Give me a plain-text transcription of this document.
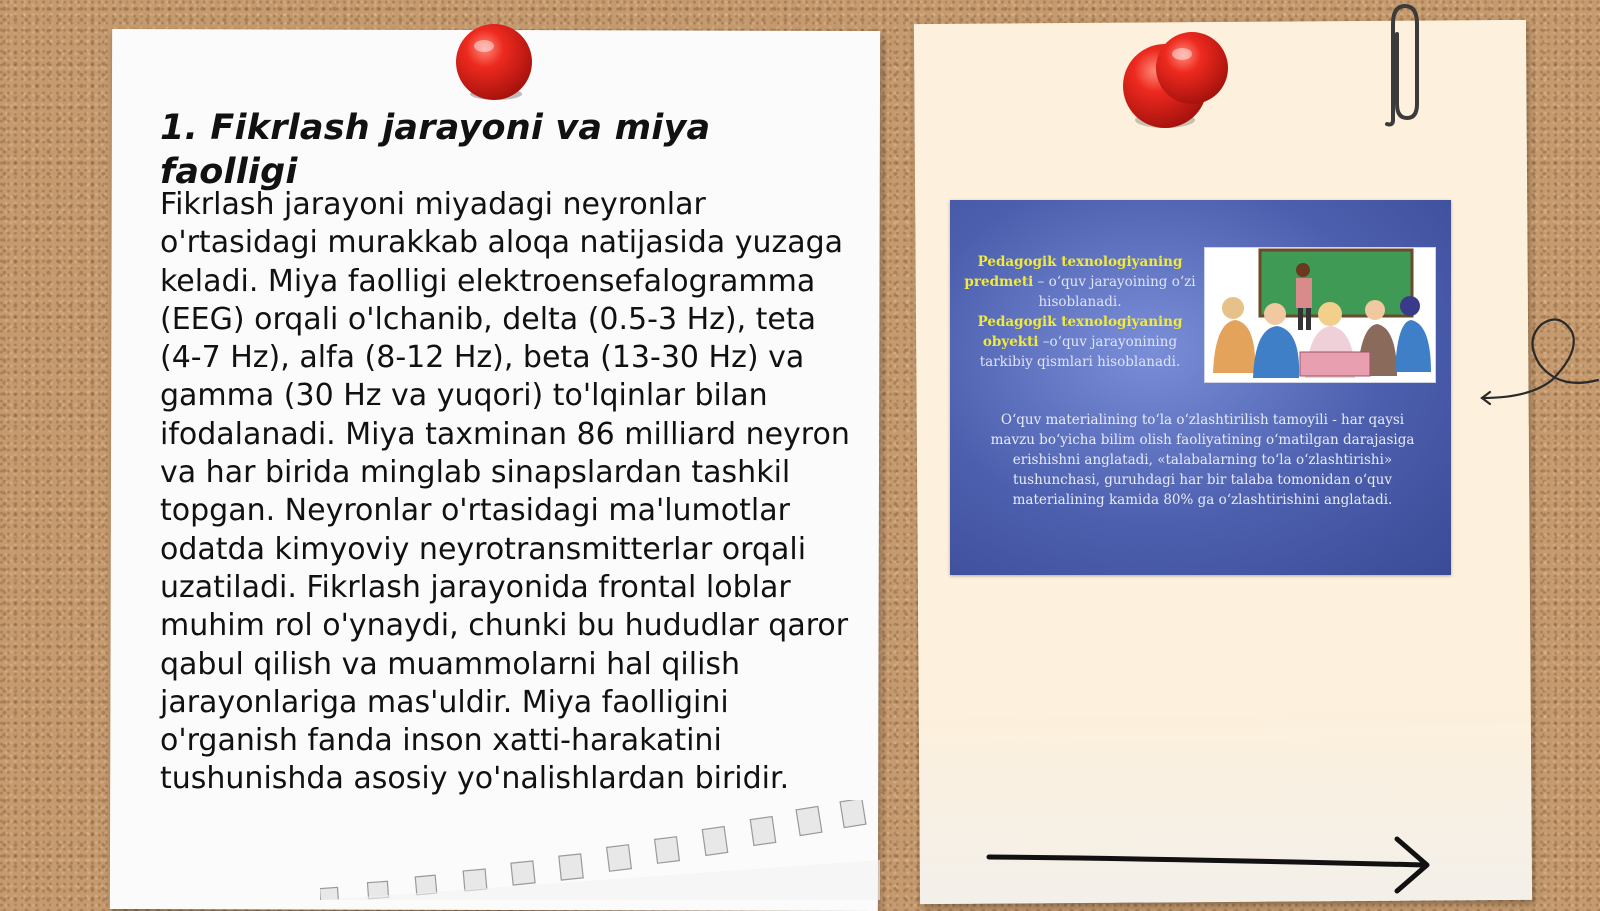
1. Fikrlash jarayoni va miya faolligi

Fikrlash jarayoni miyadagi neyronlar o'rtasidagi murakkab aloqa natijasida yuzaga keladi. Miya faolligi elektroensefalogramma (EEG) orqali o'lchanib, delta (0.5-3 Hz), teta (4-7 Hz), alfa (8-12 Hz), beta (13-30 Hz) va gamma (30 Hz va yuqori) to'lqinlar bilan ifodalanadi. Miya taxminan 86 milliard neyron va har birida minglab sinapslardan tashkil topgan. Neyronlar o'rtasidagi ma'lumotlar odatda kimyoviy neyrotransmitterlar orqali uzatiladi. Fikrlash jarayonida frontal loblar muhim rol o'ynaydi, chunki bu hududlar qaror qabul qilish va muammolarni hal qilish jarayonlariga mas'uldir. Miya faolligini o'rganish fanda inson xatti-harakatini tushunishda asosiy yo'nalishlardan biridir.

Pedagogik texnologiyaning predmeti – o‘quv jarayoining o‘zi hisoblanadi.
Pedagogik texnologiyaning obyekti –o‘quv jarayonining tarkibiy qismlari hisoblanadi.
O‘quv materialining to‘la o‘zlashtirilish tamoyili - har qaysi mavzu bo‘yicha bilim olish faoliyatining o‘matilgan darajasiga erishishni anglatadi, «talabalarning to‘la o‘zlashtirishi» tushunchasi, guruhdagi har bir talaba tomonidan o‘quv materialining kamida 80% ga o‘zlashtirishini anglatadi.
